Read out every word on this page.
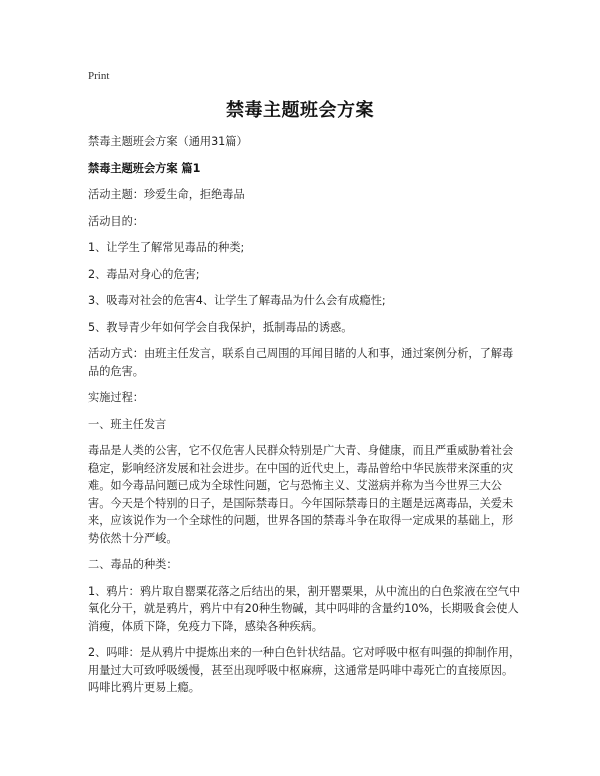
Print
禁毒主题班会方案

禁毒主题班会方案（通用31篇）

禁毒主题班会方案 篇1

活动主题：珍爱生命，拒绝毒品

活动目的：

1、让学生了解常见毒品的种类;

2、毒品对身心的危害;

3、吸毒对社会的危害4、让学生了解毒品为什么会有成瘾性;

5、教导青少年如何学会自我保护，抵制毒品的诱惑。

活动方式：由班主任发言，联系自己周围的耳闻目睹的人和事，通过案例分析，了解毒品的危害。

实施过程：

一、班主任发言

毒品是人类的公害，它不仅危害人民群众特别是广大青、身健康，而且严重威胁着社会稳定，影响经济发展和社会进步。在中国的近代史上，毒品曾给中华民族带来深重的灾难。如今毒品问题已成为全球性问题，它与恐怖主义、艾滋病并称为当今世界三大公害。今天是个特别的日子，是国际禁毒日。今年国际禁毒日的主题是远离毒品，关爱未来，应该说作为一个全球性的问题，世界各国的禁毒斗争在取得一定成果的基础上，形势依然十分严峻。

二、毒品的种类：

1、鸦片：鸦片取自罂粟花落之后结出的果，割开罂粟果，从中流出的白色浆液在空气中氧化分干，就是鸦片，鸦片中有20种生物碱，其中吗啡的含量约10%，长期吸食会使人消瘦，体质下降，免疫力下降，感染各种疾病。

2、吗啡：是从鸦片中提炼出来的一种白色针状结晶。它对呼吸中枢有叫强的抑制作用，用量过大可致呼吸缓慢，甚至出现呼吸中枢麻痹，这通常是吗啡中毒死亡的直接原因。吗啡比鸦片更易上瘾。
